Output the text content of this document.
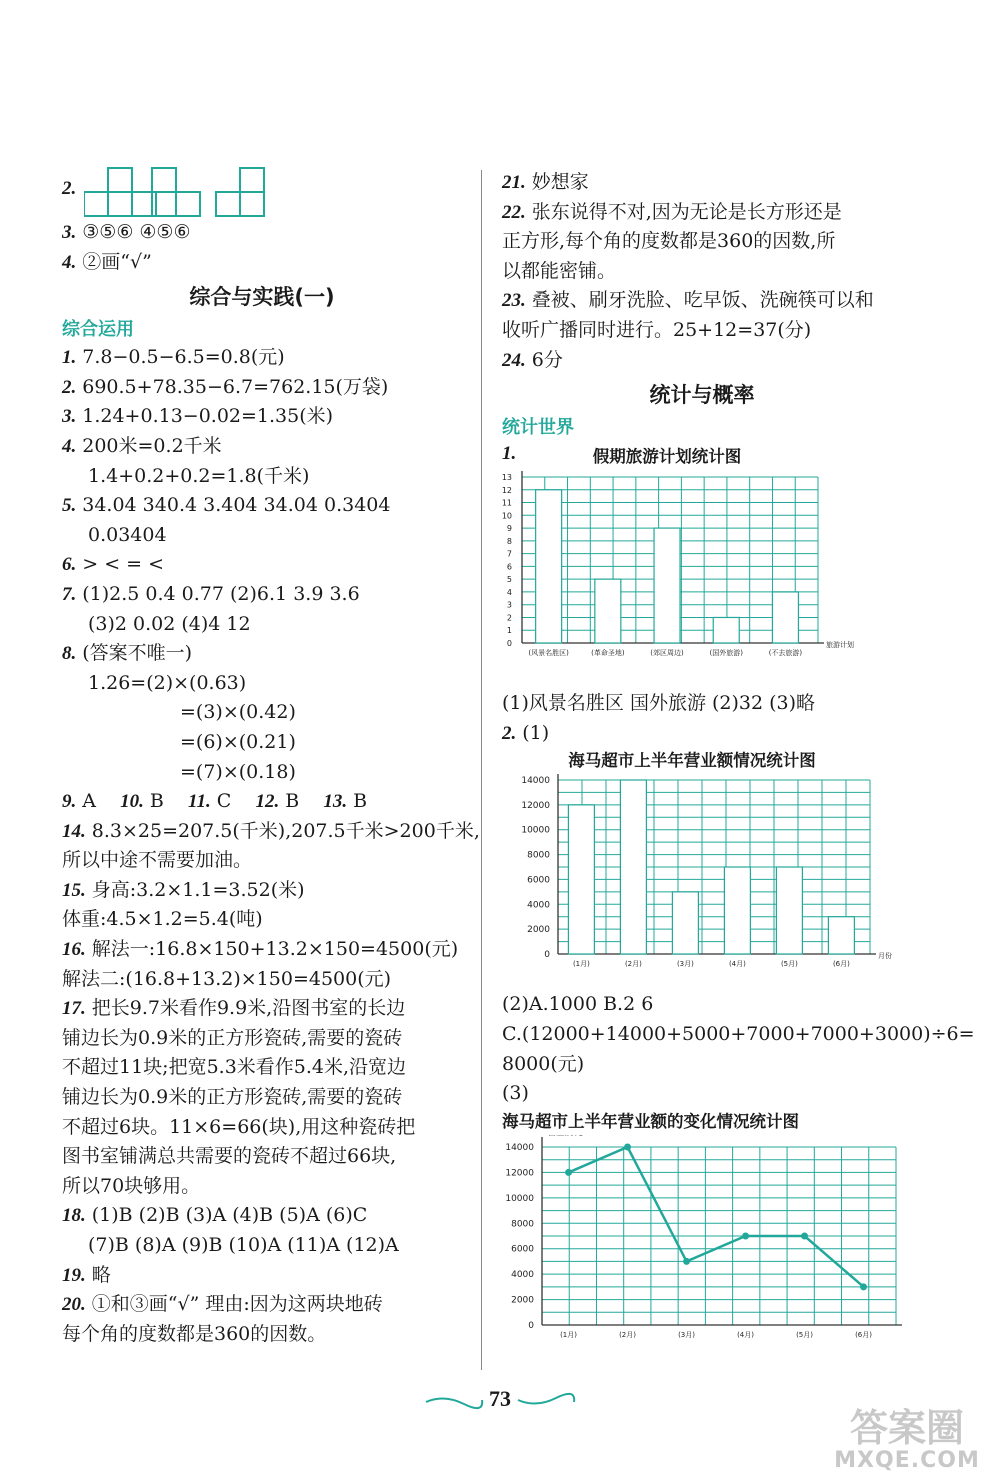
2.
3. ③⑤⑥ ④⑤⑥
4. ②画“√”
综合与实践(一)
综合运用
1. 7.8−0.5−6.5=0.8(元)
2. 690.5+78.35−6.7=762.15(万袋)
3. 1.24+0.13−0.02=1.35(米)
4. 200米=0.2千米
1.4+0.2+0.2=1.8(千米)
5. 34.04 340.4 3.404 34.04 0.3404
0.03404
6. > < = <
7. (1)2.5 0.4 0.77 (2)6.1 3.9 3.6
(3)2 0.02 (4)4 12
8. (答案不唯一)
1.26=(2)×(0.63)
=(3)×(0.42)
=(6)×(0.21)
=(7)×(0.18)
9. A 10. B 11. C 12. B 13. B
14. 8.3×25=207.5(千米),207.5千米>200千米,
所以中途不需要加油。
15. 身高:3.2×1.1=3.52(米)
体重:4.5×1.2=5.4(吨)
16. 解法一:16.8×150+13.2×150=4500(元)
解法二:(16.8+13.2)×150=4500(元)
17. 把长9.7米看作9.9米,沿图书室的长边
铺边长为0.9米的正方形瓷砖,需要的瓷砖
不超过11块;把宽5.3米看作5.4米,沿宽边
铺边长为0.9米的正方形瓷砖,需要的瓷砖
不超过6块。11×6=66(块),用这种瓷砖把
图书室铺满总共需要的瓷砖不超过66块,
所以70块够用。
18. (1)B (2)B (3)A (4)B (5)A (6)C
(7)B (8)A (9)B (10)A (11)A (12)A
19. 略
20. ①和③画“√” 理由:因为这两块地砖
每个角的度数都是360的因数。
21. 妙想家
22. 张东说得不对,因为无论是长方形还是
正方形,每个角的度数都是360的因数,所
以都能密铺。
23. 叠被、刷牙洗脸、吃早饭、洗碗筷可以和
收听广播同时进行。25+12=37(分)
24. 6分
统计与概率
统计世界
1.	假期旅游计划统计图
0
1
2
3
4
5
6
7
8
9
10
11
12
13
旅游计划
(风景名胜区)	(革命圣地)	(郊区周边)	(国外旅游)	(不去旅游)
(1)风景名胜区 国外旅游 (2)32 (3)略
2. (1)
海马超市上半年营业额情况统计图
0
2000
4000
6000
8000
10000
12000
14000
月份
(1月)	(2月)	(3月)	(4月)	(5月)	(6月)
(2)A.1000 B.2 6
C.(12000+14000+5000+7000+7000+3000)÷6=
8000(元)
(3)
海马超市上半年营业额的变化情况统计图
0
2000
4000
6000
8000
10000
12000
14000
(1月)	(2月)	(3月)	(4月)	(5月)	(6月)
73
答案圈
MXQE.COM
